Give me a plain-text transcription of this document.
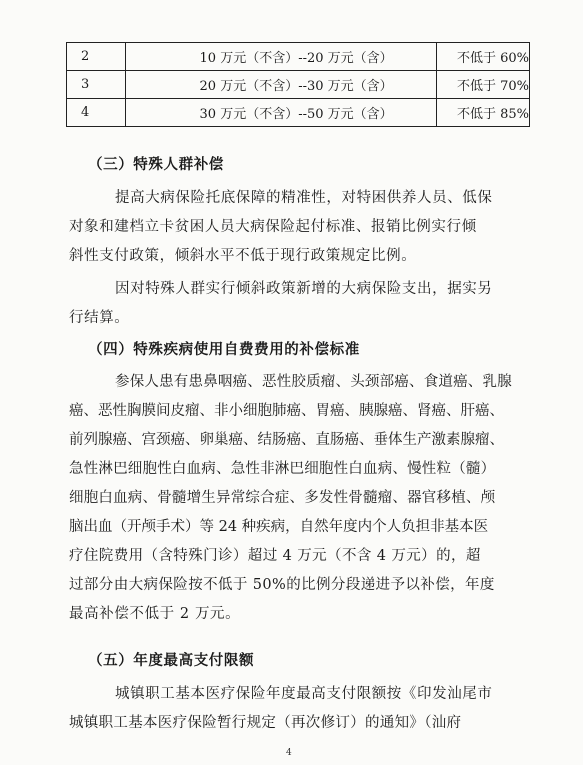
2	10 万元（不含）--20 万元（含）	不低于 60%
3	20 万元（不含）--30 万元（含）	不低于 70%
4	30 万元（不含）--50 万元（含）	不低于 85%
（三）特殊人群补偿
提高大病保险托底保障的精准性，对特困供养人员、低保
对象和建档立卡贫困人员大病保险起付标准、报销比例实行倾
斜性支付政策，倾斜水平不低于现行政策规定比例。
因对特殊人群实行倾斜政策新增的大病保险支出，据实另
行结算。
（四）特殊疾病使用自费费用的补偿标准
参保人患有患鼻咽癌、恶性胶质瘤、头颈部癌、食道癌、乳腺
癌、恶性胸膜间皮瘤、非小细胞肺癌、胃癌、胰腺癌、肾癌、肝癌、
前列腺癌、宫颈癌、卵巢癌、结肠癌、直肠癌、垂体生产激素腺瘤、
急性淋巴细胞性白血病、急性非淋巴细胞性白血病、慢性粒（髓）
细胞白血病、骨髓增生异常综合症、多发性骨髓瘤、器官移植、颅
脑出血（开颅手术）等 24 种疾病，自然年度内个人负担非基本医
疗住院费用（含特殊门诊）超过 4 万元（不含 4 万元）的，超
过部分由大病保险按不低于 50%的比例分段递进予以补偿，年度
最高补偿不低于 2 万元。
（五）年度最高支付限额
城镇职工基本医疗保险年度最高支付限额按《印发汕尾市
城镇职工基本医疗保险暂行规定（再次修订）的通知》（汕府
4
